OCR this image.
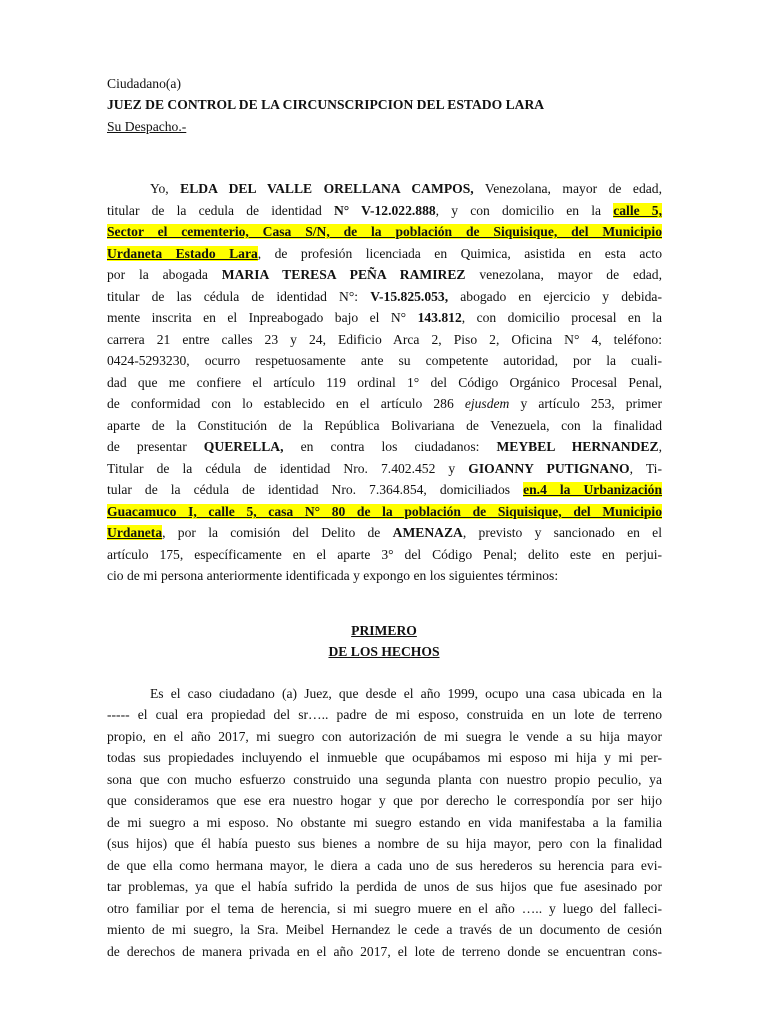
Ciudadano(a)
JUEZ DE CONTROL DE LA CIRCUNSCRIPCION DEL ESTADO LARA
Su Despacho.-
Yo, ELDA DEL VALLE ORELLANA CAMPOS, Venezolana, mayor de edad,
titular de la cedula de identidad N° V-12.022.888, y con domicilio en la calle 5,
Sector el cementerio, Casa S/N, de la población de Siquisique, del Municipio
Urdaneta Estado Lara, de profesión licenciada en Quimica, asistida en esta acto
por la abogada MARIA TERESA PEÑA RAMIREZ venezolana, mayor de edad,
titular de las cédula de identidad N°: V-15.825.053, abogado en ejercicio y debida-
mente inscrita en el Inpreabogado bajo el N° 143.812, con domicilio procesal en la
carrera 21 entre calles 23 y 24, Edificio Arca 2, Piso 2, Oficina N° 4, teléfono:
0424-5293230, ocurro respetuosamente ante su competente autoridad, por la cuali-
dad que me confiere el artículo 119 ordinal 1° del Código Orgánico Procesal Penal,
de conformidad con lo establecido en el artículo 286 ejusdem y artículo 253, primer
aparte de la Constitución de la República Bolivariana de Venezuela, con la finalidad
de presentar QUERELLA, en contra los ciudadanos: MEYBEL HERNANDEZ,
Titular de la cédula de identidad Nro. 7.402.452 y GIOANNY PUTIGNANO, Ti-
tular de la cédula de identidad Nro. 7.364.854, domiciliados en.4 la Urbanización
Guacamuco I, calle 5, casa N° 80 de la población de Siquisique, del Municipio
Urdaneta, por la comisión del Delito de AMENAZA, previsto y sancionado en el
artículo 175, específicamente en el aparte 3° del Código Penal; delito este en perjui-
cio de mi persona anteriormente identificada y expongo en los siguientes términos:
PRIMERO
DE LOS HECHOS
Es el caso ciudadano (a) Juez, que desde el año 1999, ocupo una casa ubicada en la
----- el cual era propiedad del sr….. padre de mi esposo, construida en un lote de terreno
propio, en el año 2017, mi suegro con autorización de mi suegra le vende a su hija mayor
todas sus propiedades incluyendo el inmueble que ocupábamos mi esposo mi hija y mi per-
sona que con mucho esfuerzo construido una segunda planta con nuestro propio peculio, ya
que consideramos que ese era nuestro hogar y que por derecho le correspondía por ser hijo
de mi suegro a mi esposo. No obstante mi suegro estando en vida manifestaba a la familia
(sus hijos) que él había puesto sus bienes a nombre de su hija mayor, pero con la finalidad
de que ella como hermana mayor, le diera a cada uno de sus herederos su herencia para evi-
tar problemas, ya que el había sufrido la perdida de unos de sus hijos que fue asesinado por
otro familiar por el tema de herencia, si mi suegro muere en el año ….. y luego del falleci-
miento de mi suegro, la Sra. Meibel Hernandez le cede a través de un documento de cesión
de derechos de manera privada en el año 2017, el lote de terreno donde se encuentran cons-
